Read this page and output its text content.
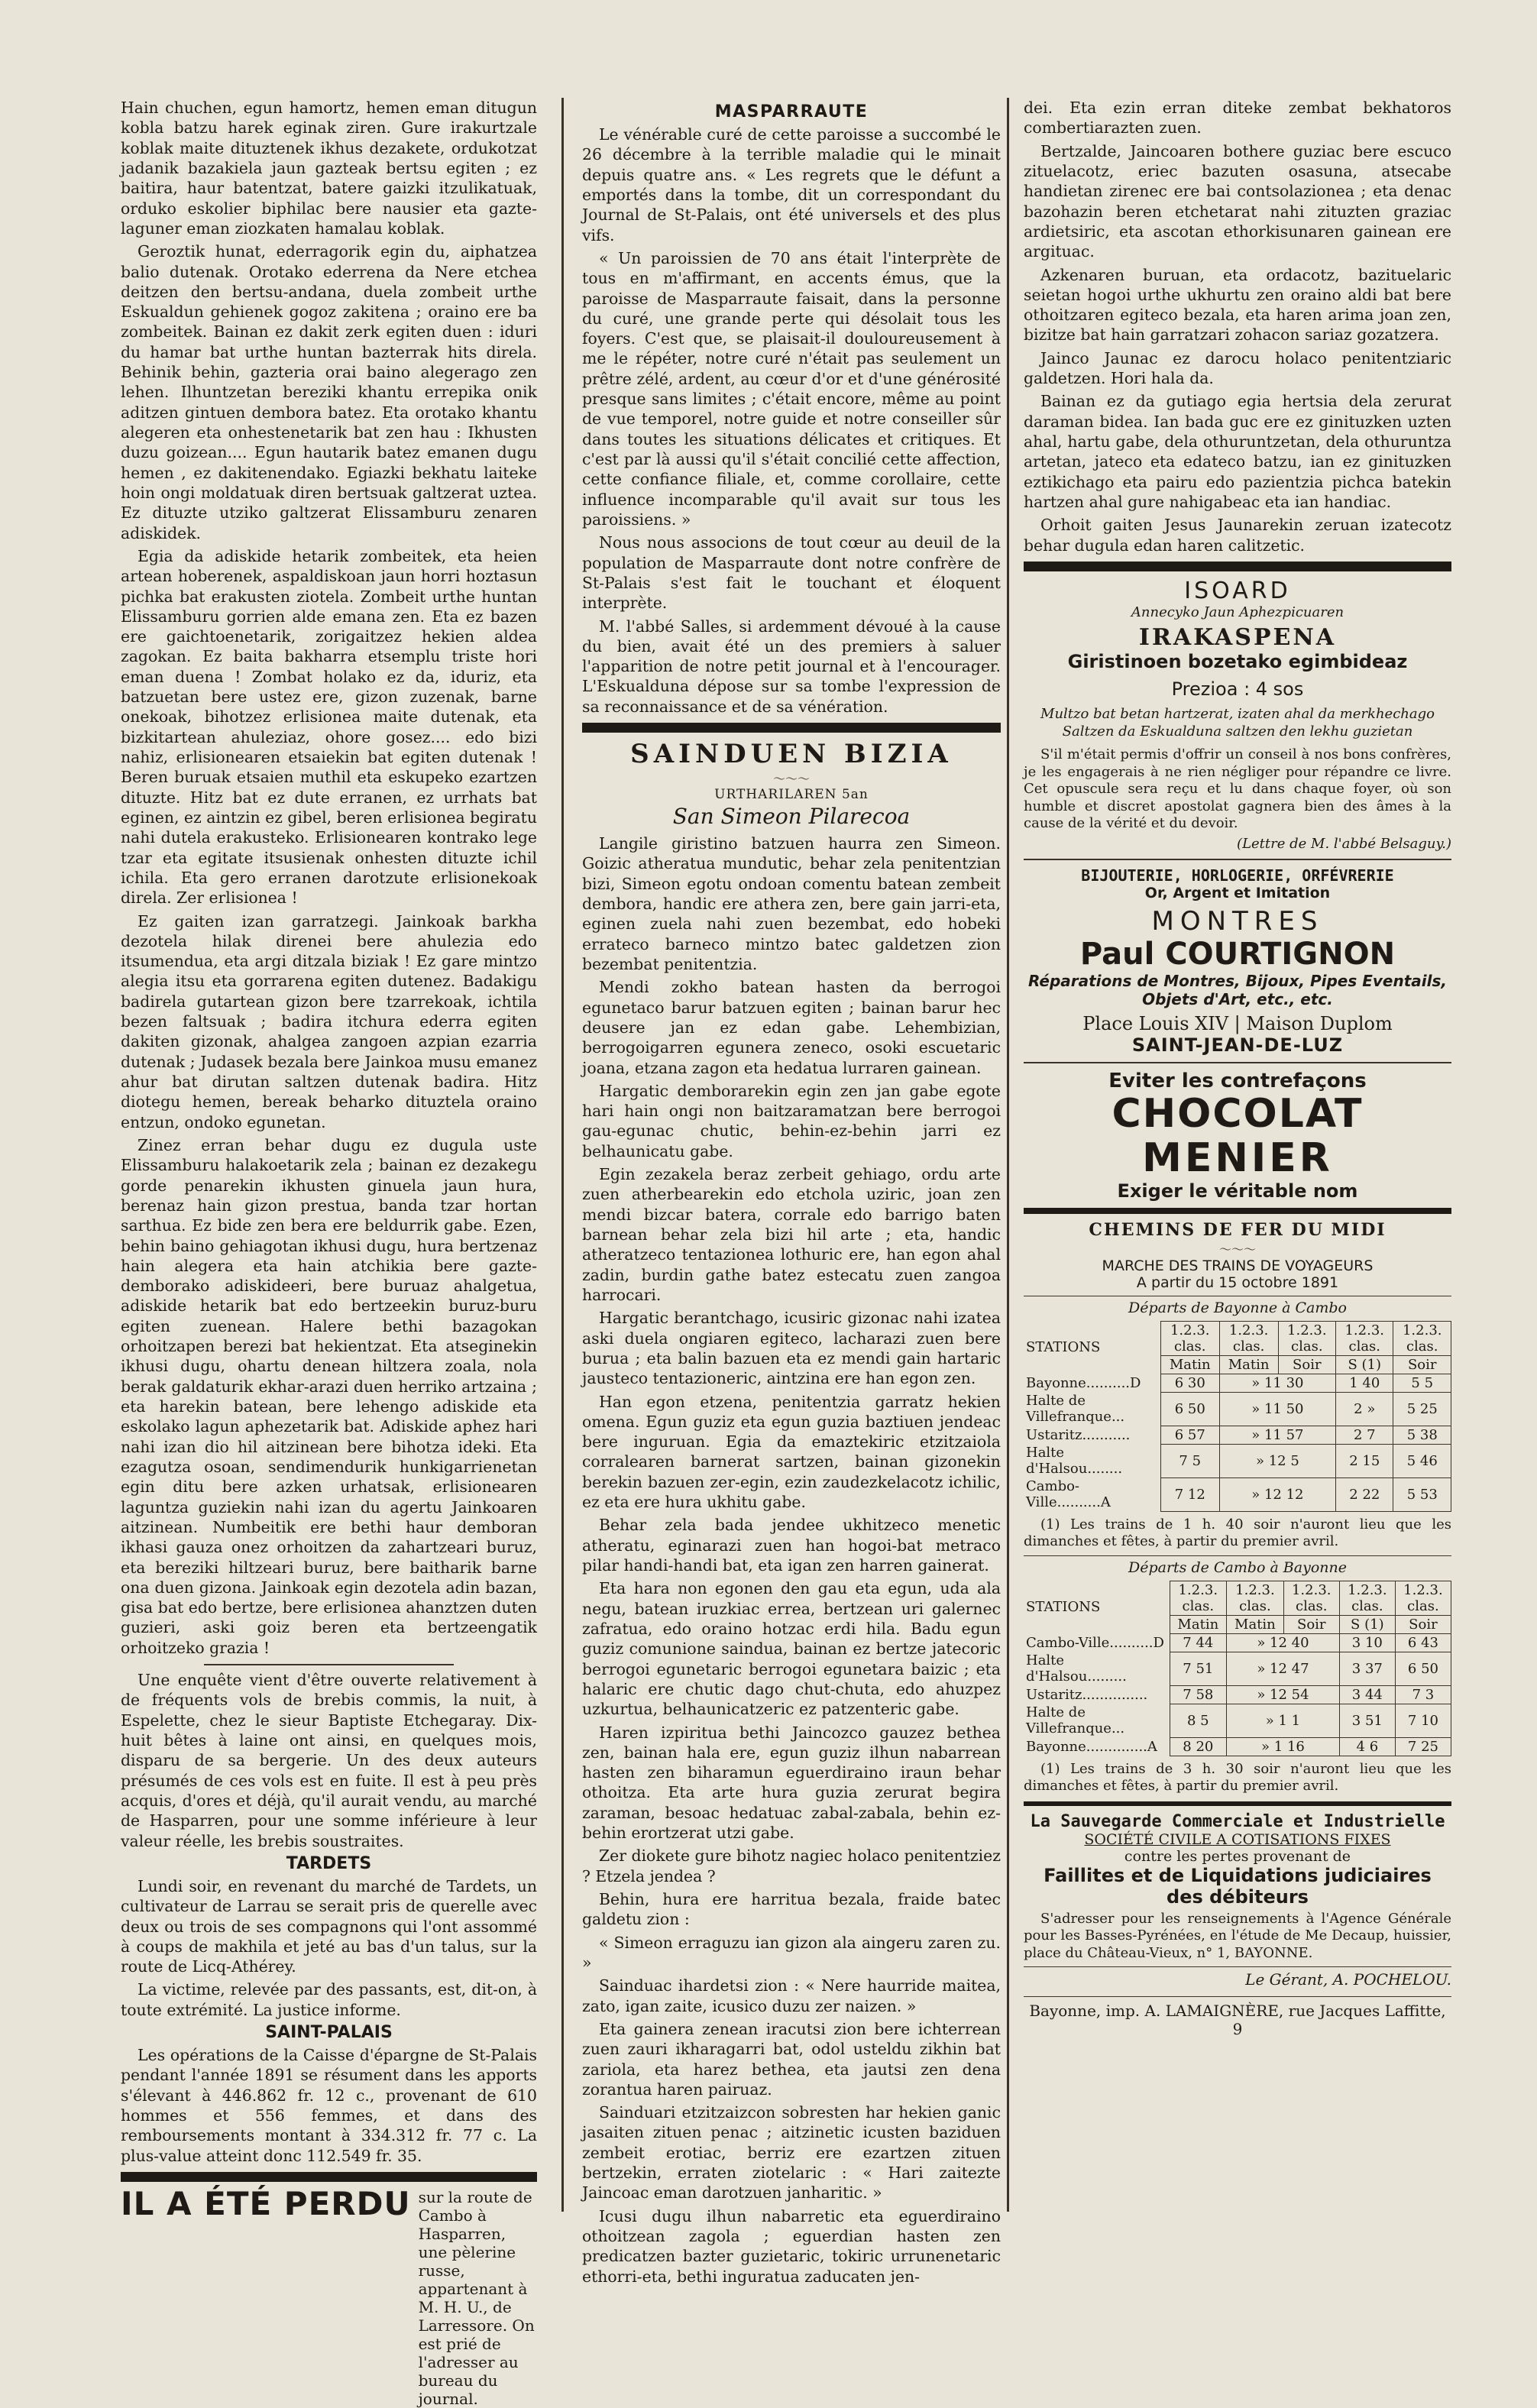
Hain chuchen, egun hamortz, hemen eman ditugun kobla batzu harek eginak ziren. Gure irakurtzale koblak maite dituztenek ikhus dezakete, ordukotzat jadanik bazakiela jaun gazteak bertsu egiten ; ez baitira, haur batentzat, batere gaizki itzulikatuak, orduko eskolier biphilac bere nausier eta gazte-laguner eman ziozkaten hamalau koblak.

Geroztik hunat, ederragorik egin du, aiphatzea balio dutenak. Orotako ederrena da Nere etchea deitzen den bertsu-andana, duela zombeit urthe Eskualdun gehienek gogoz zakitena ; oraino ere ba zombeitek. Bainan ez dakit zerk egiten duen : iduri du hamar bat urthe huntan bazterrak hits direla. Behinik behin, gazteria orai baino alegerago zen lehen. Ilhuntzetan bereziki khantu errepika onik aditzen gintuen dembora batez. Eta orotako khantu alegeren eta onhestenetarik bat zen hau : Ikhusten duzu goizean.... Egun hautarik batez emanen dugu hemen , ez dakitenendako. Egiazki bekhatu laiteke hoin ongi moldatuak diren bertsuak galtzerat uztea. Ez dituzte utziko galtzerat Elissamburu zenaren adiskidek.

Egia da adiskide hetarik zombeitek, eta heien artean hoberenek, aspaldiskoan jaun horri hoztasun pichka bat erakusten ziotela. Zombeit urthe huntan Elissamburu gorrien alde emana zen. Eta ez bazen ere gaichtoenetarik, zorigaitzez hekien aldea zagokan. Ez baita bakharra etsemplu triste hori eman duena ! Zombat holako ez da, iduriz, eta batzuetan bere ustez ere, gizon zuzenak, barne onekoak, bihotzez erlisionea maite dutenak, eta bizkitartean ahuleziaz, ohore gosez.... edo bizi nahiz, erlisionearen etsaiekin bat egiten dutenak ! Beren buruak etsaien muthil eta eskupeko ezartzen dituzte. Hitz bat ez dute erranen, ez urrhats bat eginen, ez aintzin ez gibel, beren erlisionea begiratu nahi dutela erakusteko. Erlisionearen kontrako lege tzar eta egitate itsusienak onhesten dituzte ichil ichila. Eta gero erranen darotzute erlisionekoak direla. Zer erlisionea !

Ez gaiten izan garratzegi. Jainkoak barkha dezotela hilak direnei bere ahulezia edo itsumendua, eta argi ditzala biziak ! Ez gare mintzo alegia itsu eta gorrarena egiten dutenez. Badakigu badirela gutartean gizon bere tzarrekoak, ichtila bezen faltsuak ; badira itchura ederra egiten dakiten gizonak, ahalgea zangoen azpian ezarria dutenak ; Judasek bezala bere Jainkoa musu emanez ahur bat dirutan saltzen dutenak badira. Hitz diotegu hemen, bereak beharko dituztela oraino entzun, ondoko egunetan.

Zinez erran behar dugu ez dugula uste Elissamburu halakoetarik zela ; bainan ez dezakegu gorde penarekin ikhusten ginuela jaun hura, berenaz hain gizon prestua, banda tzar hortan sarthua. Ez bide zen bera ere beldurrik gabe. Ezen, behin baino gehiagotan ikhusi dugu, hura bertzenaz hain alegera eta hain atchikia bere gazte-demborako adiskideeri, bere buruaz ahalgetua, adiskide hetarik bat edo bertzeekin buruz-buru egiten zuenean. Halere bethi bazagokan orhoitzapen berezi bat hekientzat. Eta atseginekin ikhusi dugu, ohartu denean hiltzera zoala, nola berak galdaturik ekhar-arazi duen herriko artzaina ; eta harekin batean, bere lehengo adiskide eta eskolako lagun aphezetarik bat. Adiskide aphez hari nahi izan dio hil aitzinean bere bihotza ideki. Eta ezagutza osoan, sendimendurik hunkigarrienetan egin ditu bere azken urhatsak, erlisionearen laguntza guziekin nahi izan du agertu Jainkoaren aitzinean. Numbeitik ere bethi haur demboran ikhasi gauza onez orhoitzen da zahartzeari buruz, eta bereziki hiltzeari buruz, bere baitharik barne ona duen gizona. Jainkoak egin dezotela adin bazan, gisa bat edo bertze, bere erlisionea ahanztzen duten guzieri, aski goiz beren eta bertzeengatik orhoitzeko grazia !

Une enquête vient d'être ouverte relativement à de fréquents vols de brebis commis, la nuit, à Espelette, chez le sieur Baptiste Etchegaray. Dix-huit bêtes à laine ont ainsi, en quelques mois, disparu de sa bergerie. Un des deux auteurs présumés de ces vols est en fuite. Il est à peu près acquis, d'ores et déjà, qu'il aurait vendu, au marché de Hasparren, pour une somme inférieure à leur valeur réelle, les brebis soustraites.

TARDETS

Lundi soir, en revenant du marché de Tardets, un cultivateur de Larrau se serait pris de querelle avec deux ou trois de ses compagnons qui l'ont assommé à coups de makhila et jeté au bas d'un talus, sur la route de Licq-Athérey.

La victime, relevée par des passants, est, dit-on, à toute extrémité. La justice informe.

SAINT-PALAIS

Les opérations de la Caisse d'épargne de St-Palais pendant l'année 1891 se résument dans les apports s'élevant à 446.862 fr. 12 c., provenant de 610 hommes et 556 femmes, et dans des remboursements montant à 334.312 fr. 77 c. La plus-value atteint donc 112.549 fr. 35.

IL A ÉTÉ PERDU sur la route de Cambo à Hasparren, une pèlerine russe, appartenant à M. H. U., de Larressore. On est prié de l'adresser au bureau du journal.
MASPARRAUTE

Le vénérable curé de cette paroisse a succombé le 26 décembre à la terrible maladie qui le minait depuis quatre ans. « Les regrets que le défunt a emportés dans la tombe, dit un correspondant du Journal de St-Palais, ont été universels et des plus vifs.

« Un paroissien de 70 ans était l'interprète de tous en m'affirmant, en accents émus, que la paroisse de Masparraute faisait, dans la personne du curé, une grande perte qui désolait tous les foyers. C'est que, se plaisait-il douloureusement à me le répéter, notre curé n'était pas seulement un prêtre zélé, ardent, au cœur d'or et d'une générosité presque sans limites ; c'était encore, même au point de vue temporel, notre guide et notre conseiller sûr dans toutes les situations délicates et critiques. Et c'est par là aussi qu'il s'était concilié cette affection, cette confiance filiale, et, comme corollaire, cette influence incomparable qu'il avait sur tous les paroissiens. »

Nous nous associons de tout cœur au deuil de la population de Masparraute dont notre confrère de St-Palais s'est fait le touchant et éloquent interprète.

M. l'abbé Salles, si ardemment dévoué à la cause du bien, avait été un des premiers à saluer l'apparition de notre petit journal et à l'encourager. L'Eskualduna dépose sur sa tombe l'expression de sa reconnaissance et de sa vénération.

SAINDUEN BIZIA
〜〜〜
URTHARILAREN 5an
San Simeon Pilarecoa

Langile giristino batzuen haurra zen Simeon. Goizic atheratua mundutic, behar zela penitentzian bizi, Simeon egotu ondoan comentu batean zembeit dembora, handic ere athera zen, bere gain jarri-eta, eginen zuela nahi zuen bezembat, edo hobeki errateco barneco mintzo batec galdetzen zion bezembat penitentzia.

Mendi zokho batean hasten da berrogoi egunetaco barur batzuen egiten ; bainan barur hec deusere jan ez edan gabe. Lehembizian, berrogoigarren egunera zeneco, osoki escuetaric joana, etzana zagon eta hedatua lurraren gainean.

Hargatic demborarekin egin zen jan gabe egote hari hain ongi non baitzaramatzan bere berrogoi gau-egunac chutic, behin-ez-behin jarri ez belhaunicatu gabe.

Egin zezakela beraz zerbeit gehiago, ordu arte zuen atherbearekin edo etchola uziric, joan zen mendi bizcar batera, corrale edo barrigo baten barnean behar zela bizi hil arte ; eta, handic atheratzeco tentazionea lothuric ere, han egon ahal zadin, burdin gathe batez estecatu zuen zangoa harrocari.

Hargatic berantchago, icusiric gizonac nahi izatea aski duela ongiaren egiteco, lacharazi zuen bere burua ; eta balin bazuen eta ez mendi gain hartaric jausteco tentazioneric, aintzina ere han egon zen.

Han egon etzena, penitentzia garratz hekien omena. Egun guziz eta egun guzia baztiuen jendeac bere inguruan. Egia da emaztekiric etzitzaiola corralearen barnerat sartzen, bainan gizonekin berekin bazuen zer-egin, ezin zaudezkelacotz ichilic, ez eta ere hura ukhitu gabe.

Behar zela bada jendee ukhitzeco menetic atheratu, eginarazi zuen han hogoi-bat metraco pilar handi-handi bat, eta igan zen harren gainerat.

Eta hara non egonen den gau eta egun, uda ala negu, batean iruzkiac errea, bertzean uri galernec zafratua, edo oraino hotzac erdi hila. Badu egun guziz comunione saindua, bainan ez bertze jatecoric berrogoi egunetaric berrogoi egunetara baizic ; eta halaric ere chutic dago chut-chuta, edo ahuzpez uzkurtua, belhaunicatzeric ez patzenteric gabe.

Haren izpiritua bethi Jaincozco gauzez bethea zen, bainan hala ere, egun guziz ilhun nabarrean hasten zen biharamun eguerdiraino iraun behar othoitza. Eta arte hura guzia zerurat begira zaraman, besoac hedatuac zabal-zabala, behin ez-behin erortzerat utzi gabe.

Zer diokete gure bihotz nagiec holaco penitentziez ? Etzela jendea ?

Behin, hura ere harritua bezala, fraide batec galdetu zion :

« Simeon erraguzu ian gizon ala aingeru zaren zu. »

Sainduac ihardetsi zion : « Nere haurride maitea, zato, igan zaite, icusico duzu zer naizen. »

Eta gainera zenean iracutsi zion bere ichterrean zuen zauri ikharagarri bat, odol usteldu zikhin bat zariola, eta harez bethea, eta jautsi zen dena zorantua haren pairuaz.

Sainduari etzitzaizcon sobresten har hekien ganic jasaiten zituen penac ; aitzinetic icusten baziduen zembeit erotiac, berriz ere ezartzen zituen bertzekin, erraten ziotelaric : « Hari zaitezte Jaincoac eman darotzuen janharitic. »

Icusi dugu ilhun nabarretic eta eguerdiraino othoitzean zagola ; eguerdian hasten zen predicatzen bazter guzietaric, tokiric urrunenetaric ethorri-eta, bethi inguratua zaducaten jen-

dei. Eta ezin erran diteke zembat bekhatoros combertiarazten zuen.

Bertzalde, Jaincoaren bothere guziac bere escuco zituelacotz, eriec bazuten osasuna, atsecabe handietan zirenec ere bai contsolazionea ; eta denac bazohazin beren etchetarat nahi zituzten graziac ardietsiric, eta ascotan ethorkisunaren gainean ere argituac.

Azkenaren buruan, eta ordacotz, bazituelaric seietan hogoi urthe ukhurtu zen oraino aldi bat bere othoitzaren egiteco bezala, eta haren arima joan zen, bizitze bat hain garratzari zohacon sariaz gozatzera.

Jainco Jaunac ez darocu holaco penitentziaric galdetzen. Hori hala da.

Bainan ez da gutiago egia hertsia dela zerurat daraman bidea. Ian bada guc ere ez ginituzken uzten ahal, hartu gabe, dela othuruntzetan, dela othuruntza artetan, jateco eta edateco batzu, ian ez ginituzken eztikichago eta pairu edo pazientzia pichca batekin hartzen ahal gure nahigabeac eta ian handiac.

Orhoit gaiten Jesus Jaunarekin zeruan izatecotz behar dugula edan haren calitzetic.

ISOARD
Annecyko Jaun Aphezpicuaren
IRAKASPENA
Giristinoen bozetako egimbideaz
Prezioa : 4 sos
Multzo bat betan hartzerat, izaten ahal da merkhechago Saltzen da Eskualduna saltzen den lekhu guzietan

S'il m'était permis d'offrir un conseil à nos bons confrères, je les engagerais à ne rien négliger pour répandre ce livre. Cet opuscule sera reçu et lu dans chaque foyer, où son humble et discret apostolat gagnera bien des âmes à la cause de la vérité et du devoir.

(Lettre de M. l'abbé Belsaguy.)
BIJOUTERIE, HORLOGERIE, ORFÉVRERIE
Or, Argent et Imitation
MONTRES
Paul COURTIGNON
Réparations de Montres, Bijoux, Pipes Eventails, Objets d'Art, etc., etc.
Place Louis XIV | Maison Duplom
SAINT-JEAN-DE-LUZ
Eviter les contrefaçons
CHOCOLAT
MENIER
Exiger le véritable nom
CHEMINS DE FER DU MIDI
〜〜〜
MARCHE DES TRAINS DE VOYAGEURS
A partir du 15 octobre 1891
Départs de Bayonne à Cambo
STATIONS	1.2.3. clas.	1.2.3. clas.	1.2.3. clas.	1.2.3. clas.	1.2.3. clas.
	Matin	Matin	Soir	S (1)	Soir
Bayonne..........D	6 30	» 11 30		1 40	5 5
Halte de Villefranque...	6 50	» 11 50		2 »	5 25
Ustaritz...........	6 57	» 11 57		2 7	5 38
Halte d'Halsou........	7 5	» 12 5		2 15	5 46
Cambo-Ville..........A	7 12	» 12 12		2 22	5 53

(1) Les trains de 1 h. 40 soir n'auront lieu que les dimanches et fêtes, à partir du premier avril.

Départs de Cambo à Bayonne
STATIONS	1.2.3. clas.	1.2.3. clas.	1.2.3. clas.	1.2.3. clas.	1.2.3. clas.
	Matin	Matin	Soir	S (1)	Soir
Cambo-Ville..........D	7 44	» 12 40		3 10	6 43
Halte d'Halsou.........	7 51	» 12 47		3 37	6 50
Ustaritz...............	7 58	» 12 54		3 44	7 3
Halte de Villefranque...	8 5	» 1 1		3 51	7 10
Bayonne..............A	8 20	» 1 16		4 6	7 25

(1) Les trains de 3 h. 30 soir n'auront lieu que les dimanches et fêtes, à partir du premier avril.

La Sauvegarde Commerciale et Industrielle
SOCIÉTÉ CIVILE A COTISATIONS FIXES
contre les pertes provenant de
Faillites et de Liquidations judiciaires des débiteurs

S'adresser pour les renseignements à l'Agence Générale pour les Basses-Pyrénées, en l'étude de Me Decaup, huissier, place du Château-Vieux, n° 1, BAYONNE.

Le Gérant, A. POCHELOU.
Bayonne, imp. A. LAMAIGNÈRE, rue Jacques Laffitte, 9
